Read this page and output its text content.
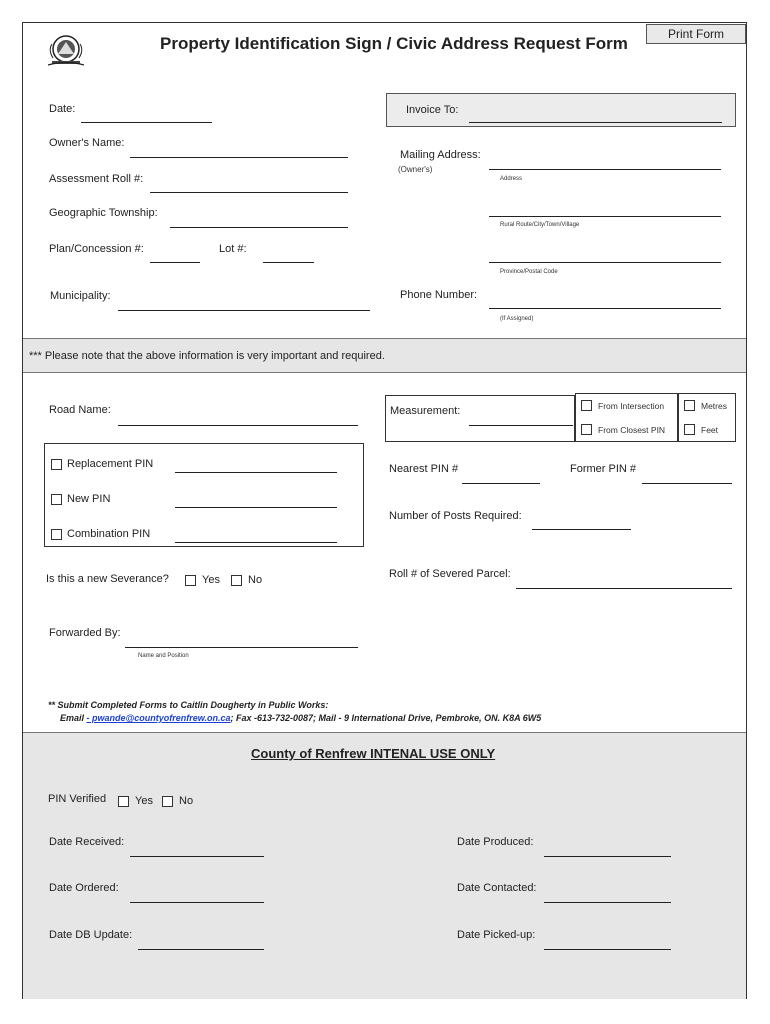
Property Identification Sign / Civic Address Request Form	Print Form
Date:
Owner's Name:
Assessment Roll #:
Geographic Township:
Plan/Concession #:	Lot #:
Municipality:
Invoice To:
Mailing Address:
(Owner's)
Address
Rural Route/City/Town/Village
Province/Postal Code
Phone Number:
(If Assigned)
*** Please note that the above information is very important and required.
Road Name:	Measurement:	From Intersection
From Closest PIN
Metres
Feet
Replacement PIN
New PIN
Combination PIN
Nearest PIN #	Former PIN #
Number of Posts Required:
Roll # of Severed Parcel:
Is this a new Severance?	Yes	No
Forwarded By:
Name and Position
** Submit Completed Forms to Caitlin Dougherty in Public Works:
Email - pwande@countyofrenfrew.on.ca; Fax -613-732-0087; Mail - 9 International Drive, Pembroke, ON. K8A 6W5
County of Renfrew INTENAL USE ONLY
PIN Verified	Yes No
Date Received:	Date Produced:
Date Ordered:	Date Contacted:
Date DB Update:	Date Picked-up:
